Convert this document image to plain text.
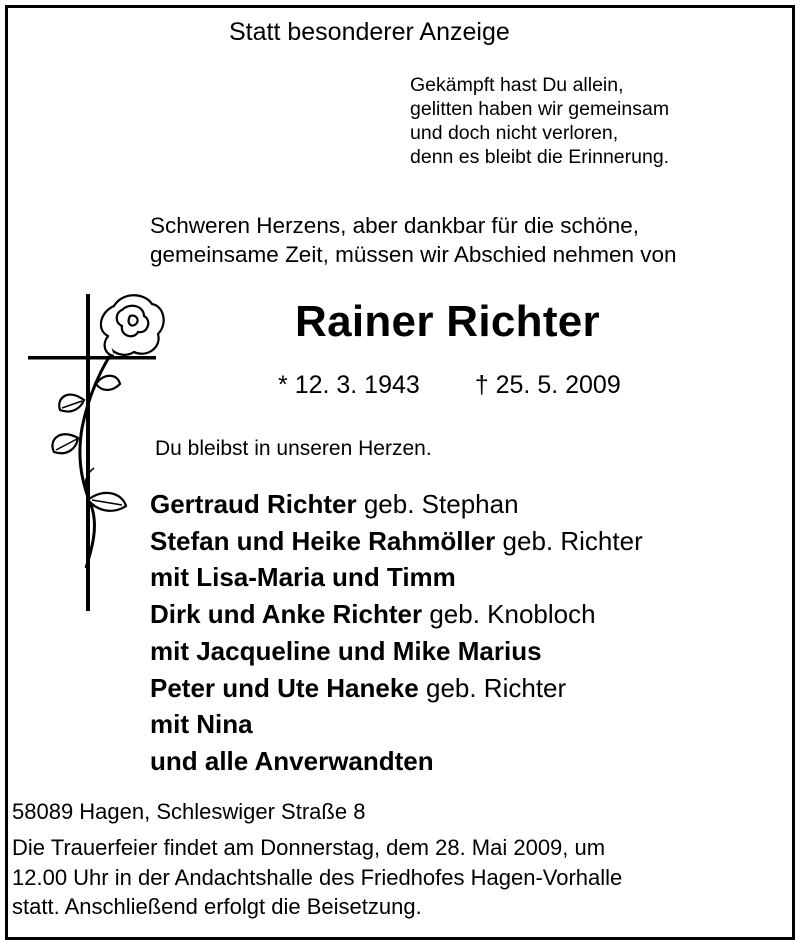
Statt besonderer Anzeige
Gekämpft hast Du allein,
gelitten haben wir gemeinsam
und doch nicht verloren,
denn es bleibt die Erinnerung.
Schweren Herzens, aber dankbar für die schöne,
gemeinsame Zeit, müssen wir Abschied nehmen von
Rainer Richter
* 12. 3. 1943 † 25. 5. 2009
Du bleibst in unseren Herzen.
Gertraud Richter geb. Stephan
Stefan und Heike Rahmöller geb. Richter
mit Lisa-Maria und Timm
Dirk und Anke Richter geb. Knobloch
mit Jacqueline und Mike Marius
Peter und Ute Haneke geb. Richter
mit Nina
und alle Anverwandten
58089 Hagen, Schleswiger Straße 8
Die Trauerfeier findet am Donnerstag, dem 28. Mai 2009, um
12.00 Uhr in der Andachtshalle des Friedhofes Hagen-Vorhalle
statt. Anschließend erfolgt die Beisetzung.
